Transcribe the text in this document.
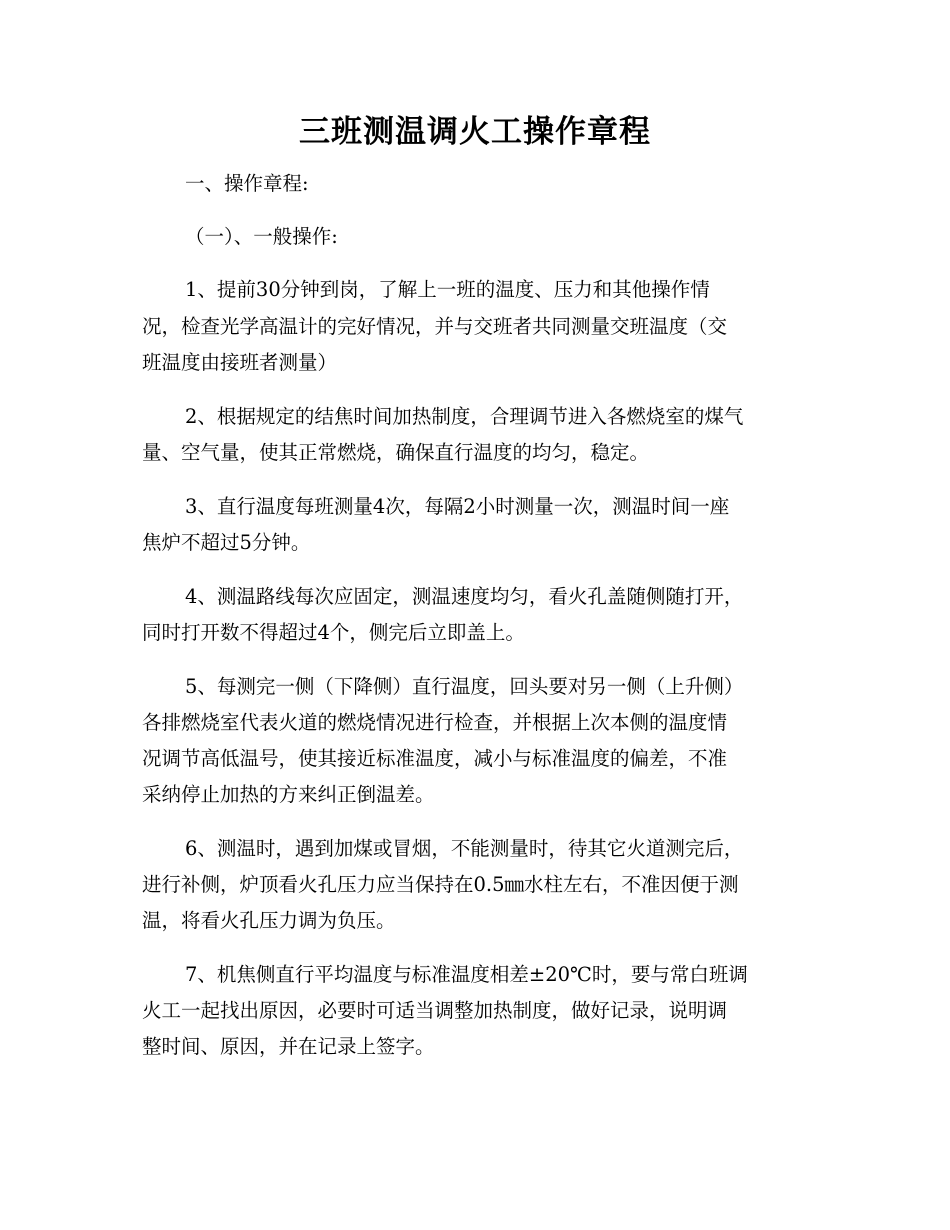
三班测温调火工操作章程
一、操作章程:
（一）、一般操作:
1、提前30分钟到岗，了解上一班的温度、压力和其他操作情
况，检查光学高温计的完好情况，并与交班者共同测量交班温度（交
班温度由接班者测量）
2、根据规定的结焦时间加热制度，合理调节进入各燃烧室的煤气
量、空气量，使其正常燃烧，确保直行温度的均匀，稳定。
3、直行温度每班测量4次，每隔2小时测量一次，测温时间一座
焦炉不超过5分钟。
4、测温路线每次应固定，测温速度均匀，看火孔盖随侧随打开，
同时打开数不得超过4个，侧完后立即盖上。
5、每测完一侧（下降侧）直行温度，回头要对另一侧（上升侧）
各排燃烧室代表火道的燃烧情况进行检查，并根据上次本侧的温度情
况调节高低温号，使其接近标准温度，减小与标准温度的偏差，不准
采纳停止加热的方来纠正倒温差。
6、测温时，遇到加煤或冒烟，不能测量时，待其它火道测完后，
进行补侧，炉顶看火孔压力应当保持在0.5㎜水柱左右，不准因便于测
温，将看火孔压力调为负压。
7、机焦侧直行平均温度与标准温度相差±20℃时，要与常白班调
火工一起找出原因，必要时可适当调整加热制度，做好记录，说明调
整时间、原因，并在记录上签字。
